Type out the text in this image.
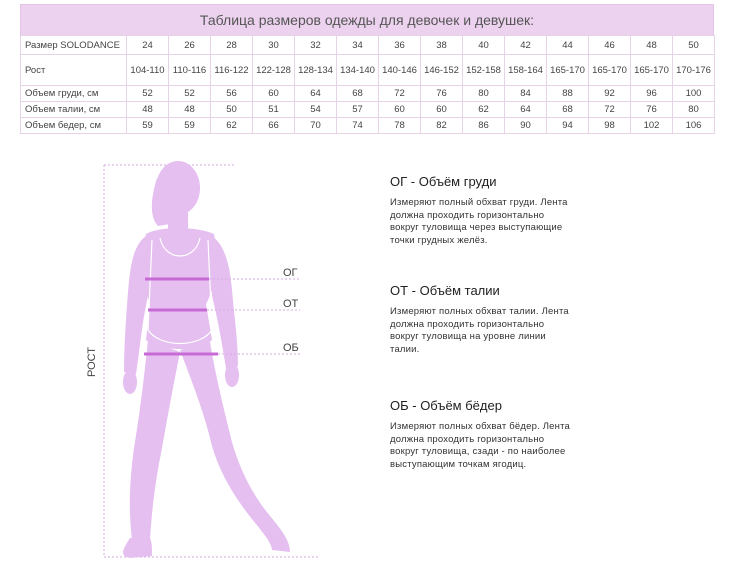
Таблица размеров одежды для девочек и девушек:
Размер SOLODANCE	24	26	28	30	32	34	36	38	40	42	44	46	48	50
Рост	104-110	110-116	116-122	122-128	128-134	134-140	140-146	146-152	152-158	158-164	165-170	165-170	165-170	170-176
Объем груди, см	52	52	56	60	64	68	72	76	80	84	88	92	96	100
Объем талии, см	48	48	50	51	54	57	60	60	62	64	68	72	76	80
Объем бедер, см	59	59	62	66	70	74	78	82	86	90	94	98	102	106
РОСТ
ОГ
ОТ
ОБ
ОГ - Объём груди

Измеряют полный обхват груди. Лента
должна проходить горизонтально
вокруг туловища через выступающие
точки грудных желёз.

ОТ - Объём талии

Измеряют полных обхват талии. Лента
должна проходить горизонтально
вокруг туловища на уровне линии
талии.

ОБ - Объём бёдер

Измеряют полных обхват бёдер. Лента
должна проходить горизонтально
вокруг туловища, сзади - по наиболее
выступающим точкам ягодиц.
